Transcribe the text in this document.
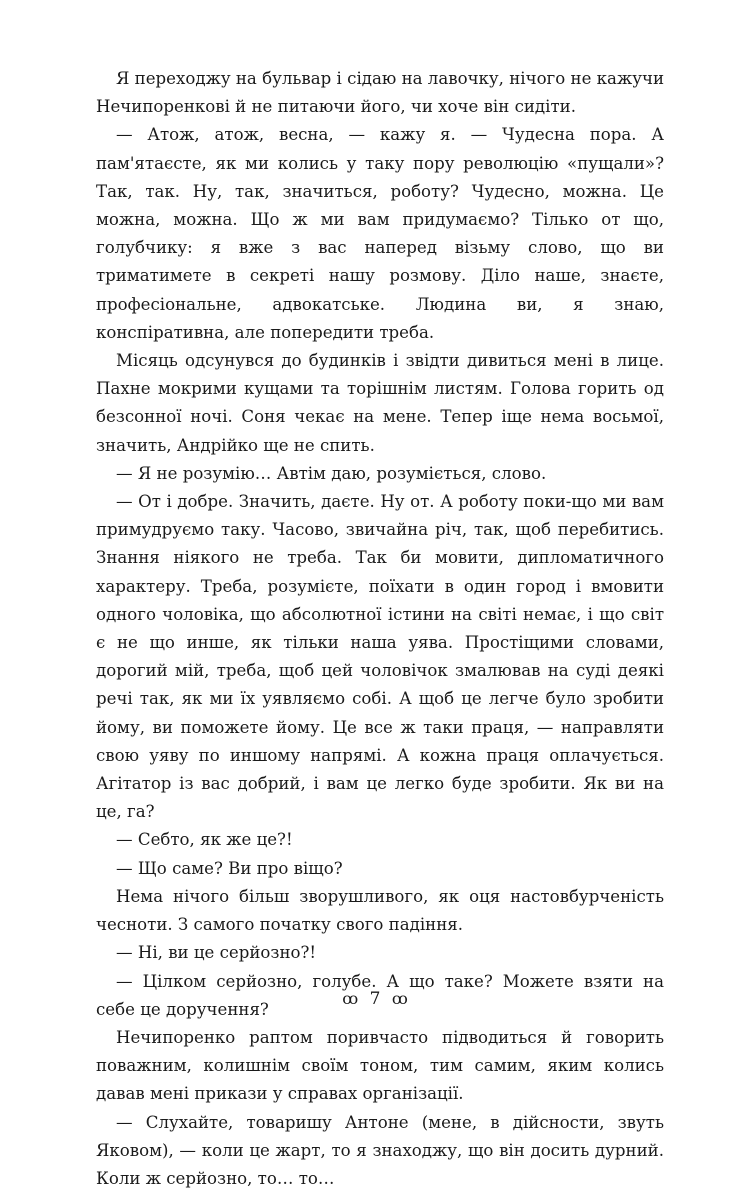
Я переходжу на бульвар і сідаю на лавочку, нічого не кажучи Нечипоренкові й не питаючи його, чи хоче він сидіти.

— Атож, атож, весна, — кажу я. — Чудесна пора. А пам'ятаєсте, як ми колись у таку пору революцію «пущали»? Так, так. Ну, так, значиться, роботу? Чудесно, можна. Це можна, можна. Що ж ми вам придумаємо? Тілько от що, голубчику: я вже з вас наперед візьму слово, що ви триматимете в секреті нашу розмову. Діло наше, знаєте, професіональне, адвокатське. Людина ви, я знаю, конспіративна, але попередити треба.

Місяць одсунувся до будинків і звідти дивиться мені в лице. Пахне мокрими кущами та торішнім листям. Голова горить од безсонної ночі. Соня чекає на мене. Тепер іще нема восьмої, значить, Андрійко ще не спить.

— Я не розумію… Автім даю, розуміється, слово.

— От і добре. Значить, даєте. Ну от. А роботу поки-що ми вам примудруємо таку. Часово, звичайна річ, так, щоб перебитись. Знання ніякого не треба. Так би мовити, дипломатичного характеру. Треба, розумієте, поїхати в один город і вмовити одного чоловіка, що абсолютної істини на світі немає, і що світ є не що инше, як тільки наша уява. Простіщими словами, дорогий мій, треба, щоб цей чоловічок змалював на суді деякі речі так, як ми їх уявляємо собі. А щоб це легче було зробити йому, ви поможете йому. Це все ж таки праця, — направляти свою уяву по иншому напрямі. А кожна праця оплачується. Агітатор із вас добрий, і вам це легко буде зробити. Як ви на це, га?

— Себто, як же це?!

— Що саме? Ви про віщо?

Нема нічого більш зворушливого, як оця настовбурченість чесноти. З самого початку свого падіння.

— Ні, ви це серйозно?!

— Цілком серйозно, голубе. А що таке? Можете взяти на себе це доручення?

Нечипоренко раптом поривчасто підводиться й говорить поважним, колишнім своїм тоном, тим самим, яким колись давав мені прикази у справах організації.

— Слухайте, товаришу Антоне (мене, в дійсности, звуть Яковом), — коли це жарт, то я знаходжу, що він досить дурний. Коли ж серйозно, то… то…

ꝏ 7 ꝏ
